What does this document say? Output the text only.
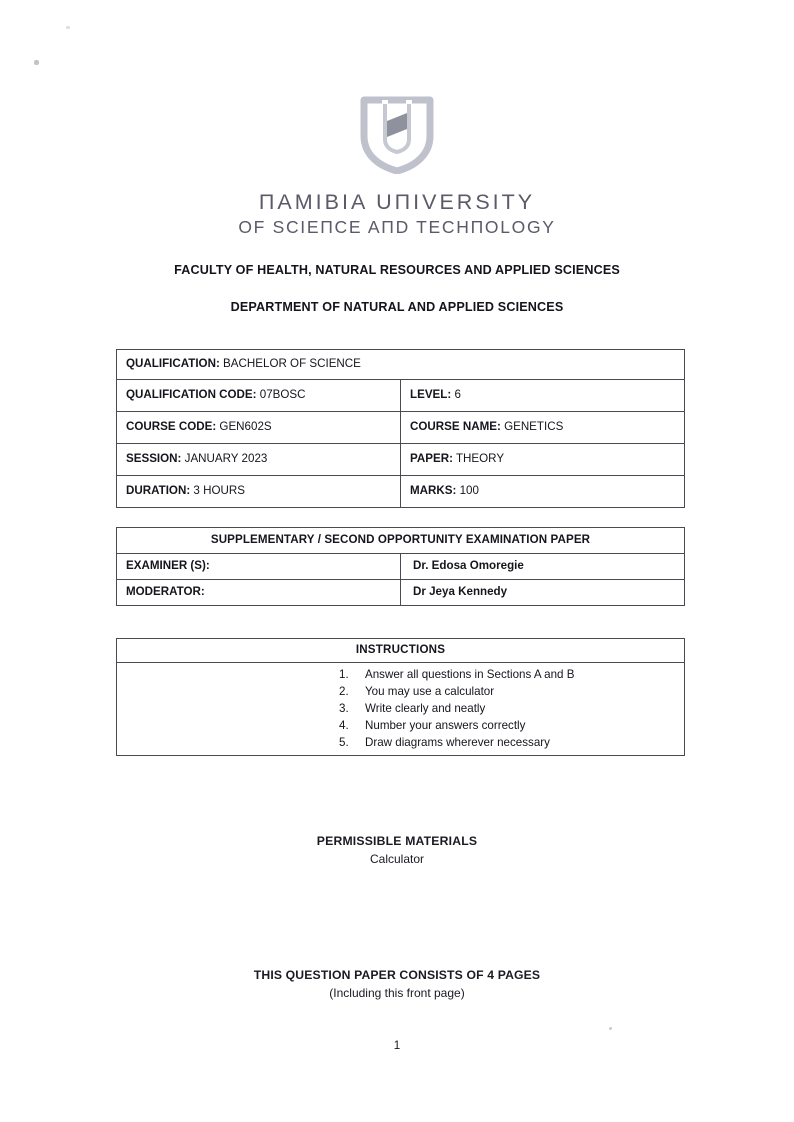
ΠAMIBIA UΠIVERSITY
OF SCIEΠCE AΠD TECHΠOLOGY
FACULTY OF HEALTH, NATURAL RESOURCES AND APPLIED SCIENCES
DEPARTMENT OF NATURAL AND APPLIED SCIENCES
QUALIFICATION: BACHELOR OF SCIENCE	
QUALIFICATION CODE: 07BOSC	LEVEL: 6
COURSE CODE: GEN602S	COURSE NAME: GENETICS
SESSION: JANUARY 2023	PAPER: THEORY
DURATION: 3 HOURS	MARKS: 100
SUPPLEMENTARY / SECOND OPPORTUNITY EXAMINATION PAPER	
EXAMINER (S):	Dr. Edosa Omoregie
MODERATOR:	Dr Jeya Kennedy
INSTRUCTIONS

1.	Answer all questions in Sections A and B
2.	You may use a calculator
3.	Write clearly and neatly
4.	Number your answers correctly
5.	Draw diagrams wherever necessary
PERMISSIBLE MATERIALS
Calculator
THIS QUESTION PAPER CONSISTS OF 4 PAGES
(Including this front page)
1
